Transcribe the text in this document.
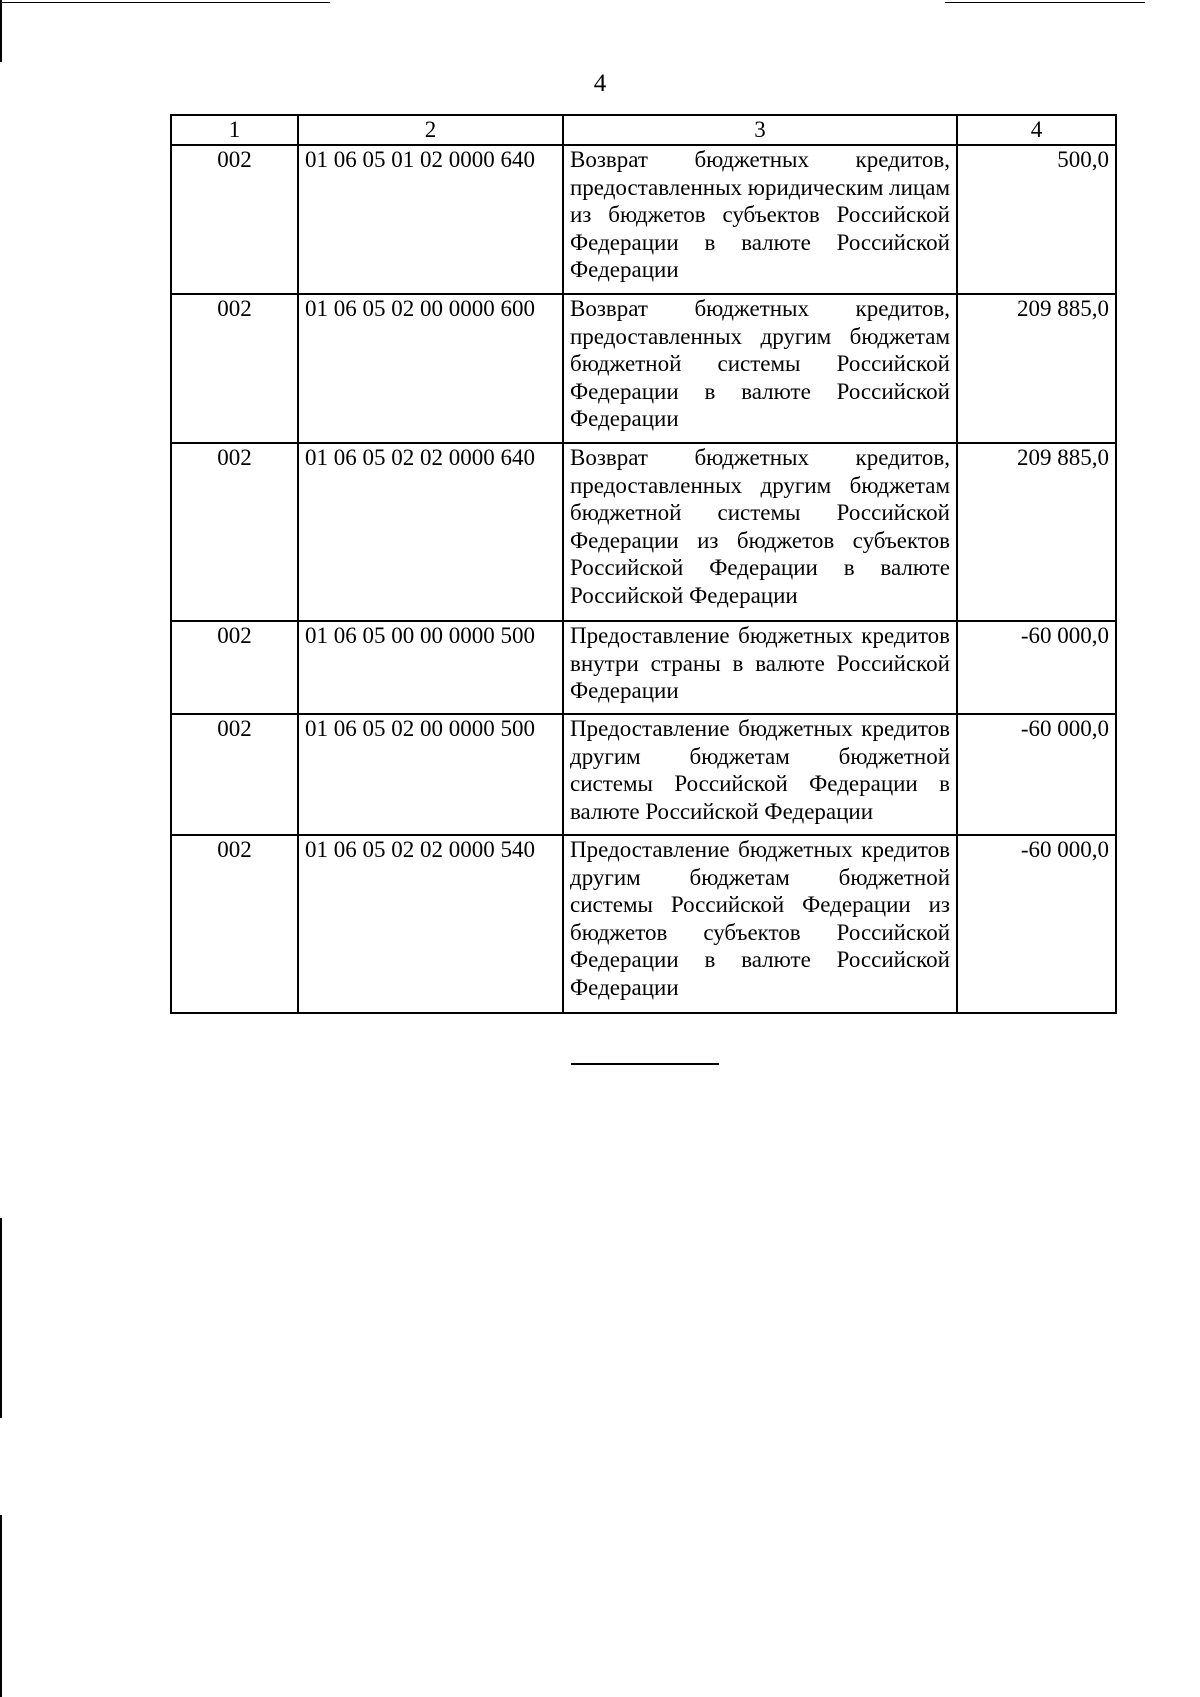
4
1	2	3	4
002	01 06 05 01 02 0000 640	Возврат бюджетных кредитов, предоставленных юридическим лицам из бюджетов субъектов Российской Федерации в валюте Российской Федерации	500,0
002	01 06 05 02 00 0000 600	Возврат бюджетных кредитов, предоставленных другим бюджетам бюджетной системы Российской Федерации в валюте Российской Федерации	209 885,0
002	01 06 05 02 02 0000 640	Возврат бюджетных кредитов, предоставленных другим бюджетам бюджетной системы Российской Федерации из бюджетов субъектов Российской Федерации в валюте Российской Федерации	209 885,0
002	01 06 05 00 00 0000 500	Предоставление бюджетных кредитов внутри страны в валюте Российской Федерации	-60 000,0
002	01 06 05 02 00 0000 500	Предоставление бюджетных кредитов другим бюджетам бюджетной системы Российской Федерации в валюте Российской Федерации	-60 000,0
002	01 06 05 02 02 0000 540	Предоставление бюджетных кредитов другим бюджетам бюджетной системы Российской Федерации из бюджетов субъектов Российской Федерации в валюте Российской Федерации	-60 000,0
